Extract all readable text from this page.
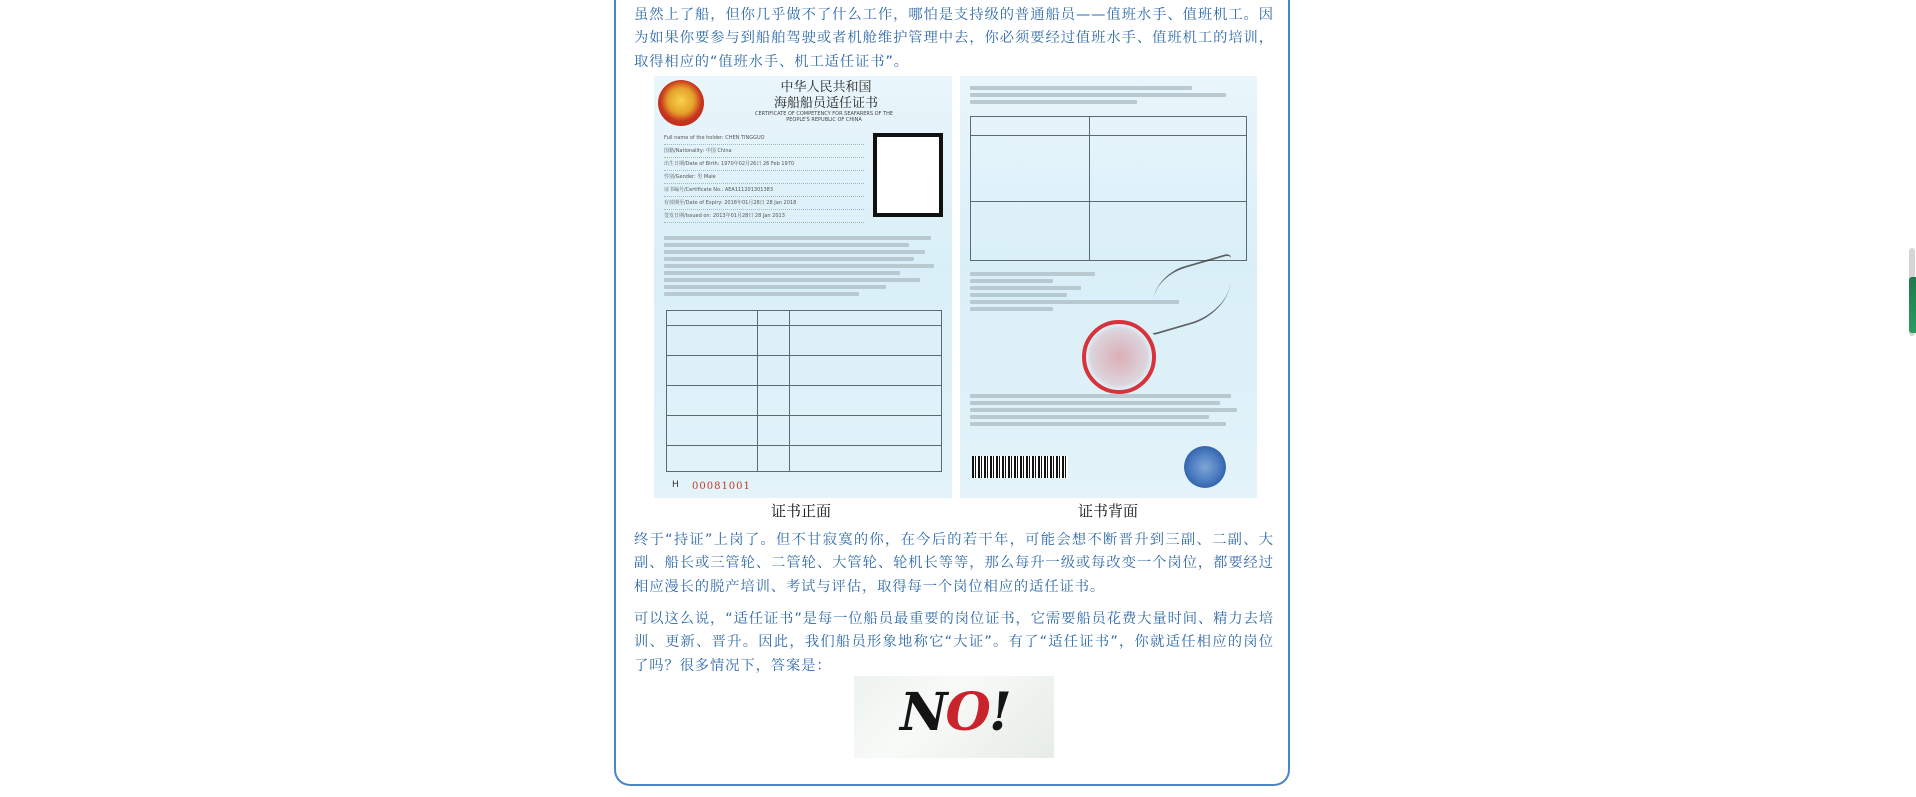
虽然上了船，但你几乎做不了什么工作，哪怕是支持级的普通船员——值班水手、值班机工。因为如果你要参与到船舶驾驶或者机舱维护管理中去，你必须要经过值班水手、值班机工的培训，取得相应的“值班水手、机工适任证书”。

中华人民共和国
海船船员适任证书
CERTIFICATE OF COMPETENCY FOR SEAFARERS OF THE PEOPLE'S REPUBLIC OF CHINA
Full name of the holder: CHEN TINGGUO
国籍/Nationality: 中国 China
出生日期/Date of Birth: 1970年02月26日 26 Feb 1970
性别/Gender: 男 Male
证书编号/Certificate No.: AEA111201301383
有效期至/Date of Expiry: 2018年01月28日 28 Jan 2018
签发日期/Issued on: 2013年01月28日 28 Jan 2013
H 00081001
证书正面	证书背面

终于“持证”上岗了。但不甘寂寞的你，在今后的若干年，可能会想不断晋升到三副、二副、大副、船长或三管轮、二管轮、大管轮、轮机长等等，那么每升一级或每改变一个岗位，都要经过相应漫长的脱产培训、考试与评估，取得每一个岗位相应的适任证书。

可以这么说，“适任证书”是每一位船员最重要的岗位证书，它需要船员花费大量时间、精力去培训、更新、晋升。因此，我们船员形象地称它“大证”。有了“适任证书”，你就适任相应的岗位了吗？很多情况下，答案是：

NO!
